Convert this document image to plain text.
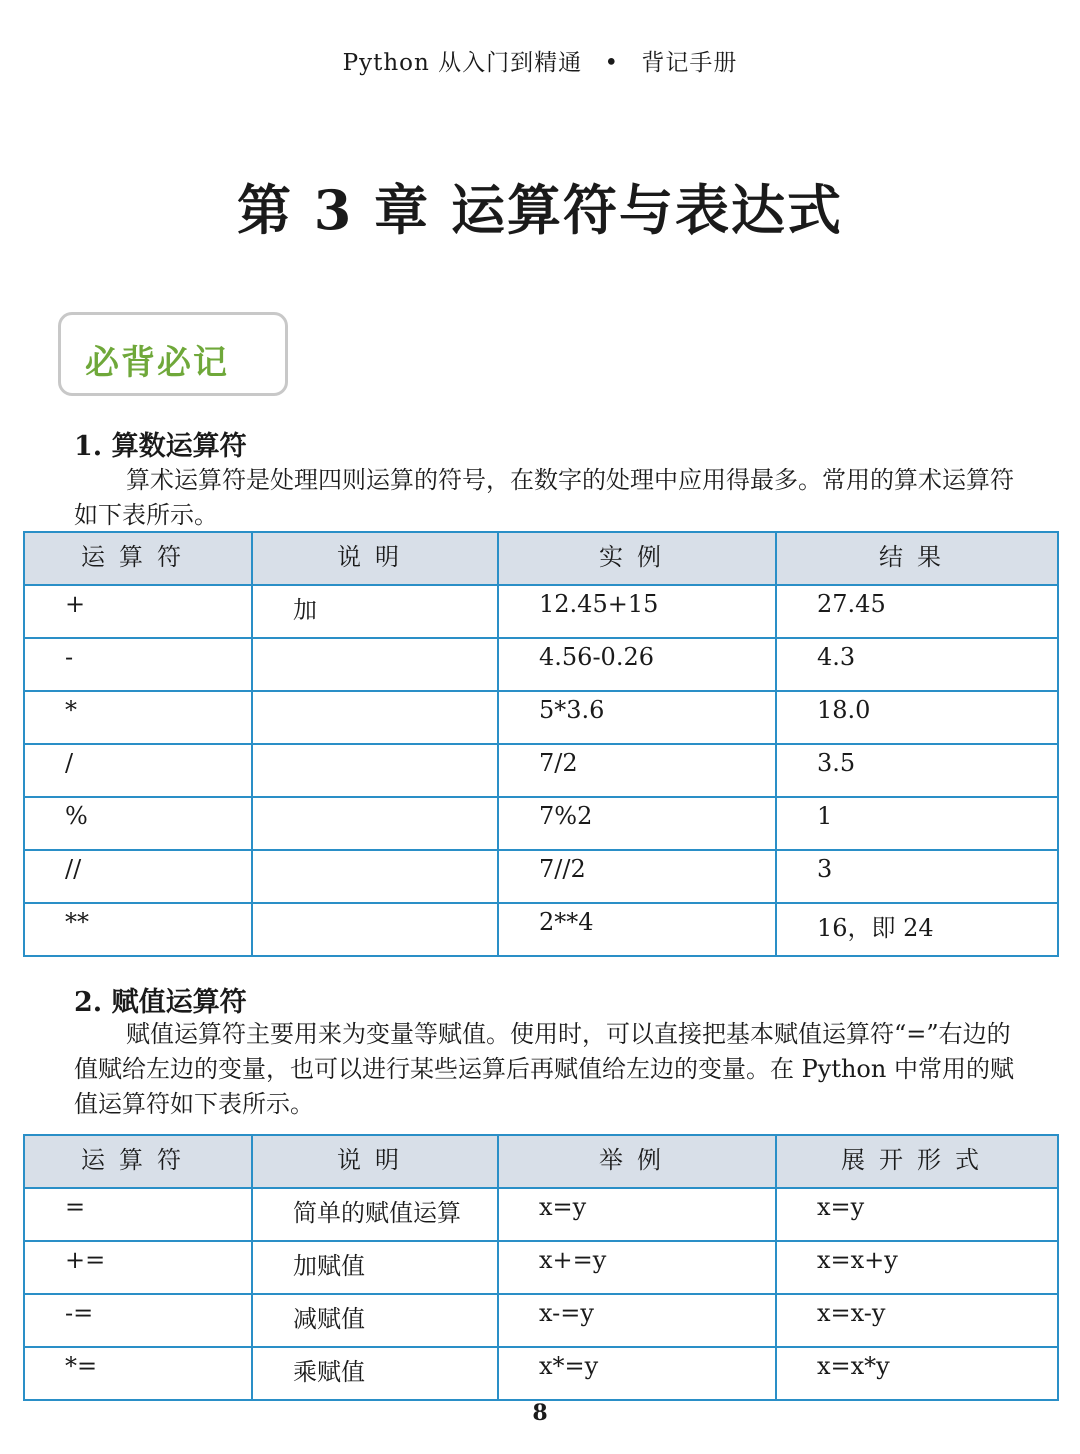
Python 从入门到精通 • 背记手册
第 3 章 运算符与表达式
必背必记
1. 算数运算符
算术运算符是处理四则运算的符号，在数字的处理中应用得最多。常用的算术运算符如下表所示。
运算符	说明	实例	结果
+	加	12.45+15	27.45
-		4.56-0.26	4.3
*		5*3.6	18.0
/		7/2	3.5
%		7%2	1
//		7//2	3
**		2**4	16，即 24
2. 赋值运算符
赋值运算符主要用来为变量等赋值。使用时，可以直接把基本赋值运算符“=”右边的值赋给左边的变量，也可以进行某些运算后再赋值给左边的变量。在 Python 中常用的赋值运算符如下表所示。
运算符	说明	举例	展开形式
=	简单的赋值运算	x=y	x=y
+=	加赋值	x+=y	x=x+y
-=	减赋值	x-=y	x=x-y
*=	乘赋值	x*=y	x=x*y
8
